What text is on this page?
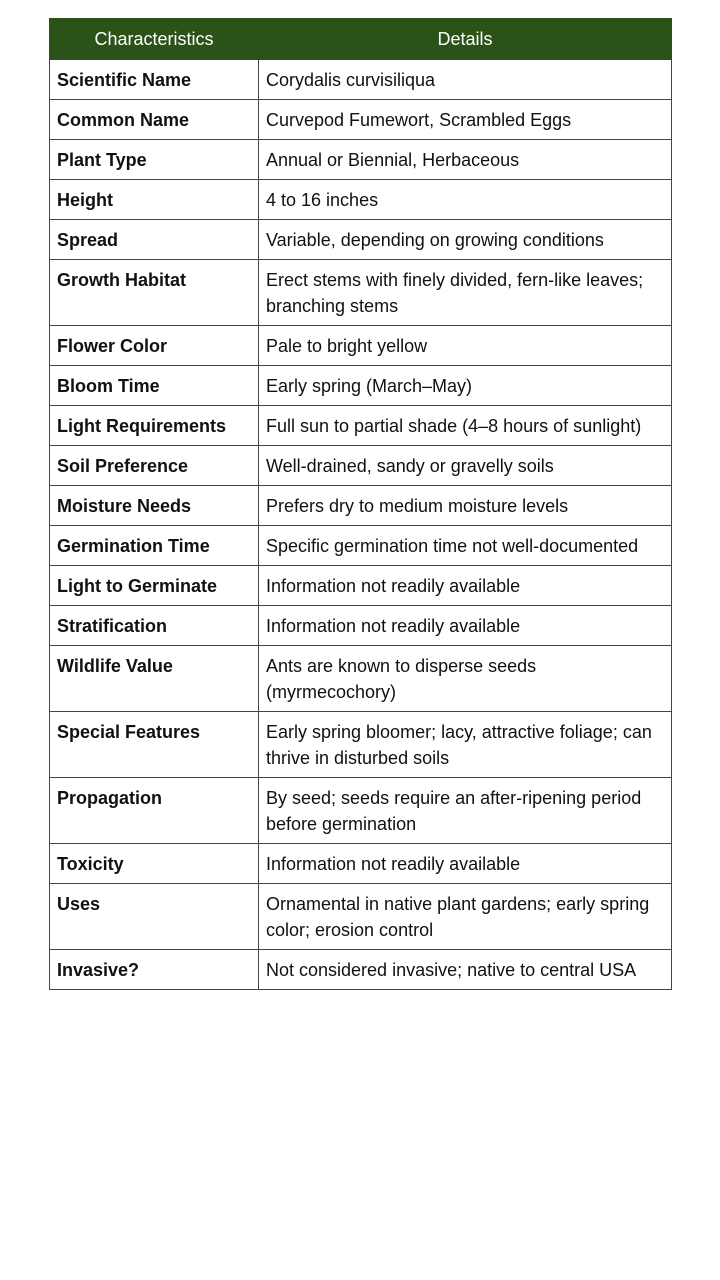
Characteristics	Details
Scientific Name	Corydalis curvisiliqua
Common Name	Curvepod Fumewort, Scrambled Eggs
Plant Type	Annual or Biennial, Herbaceous
Height	4 to 16 inches
Spread	Variable, depending on growing conditions
Growth Habitat	Erect stems with finely divided, fern-like leaves; branching stems
Flower Color	Pale to bright yellow
Bloom Time	Early spring (March–May)
Light Requirements	Full sun to partial shade (4–8 hours of sunlight)
Soil Preference	Well-drained, sandy or gravelly soils
Moisture Needs	Prefers dry to medium moisture levels
Germination Time	Specific germination time not well-documented
Light to Germinate	Information not readily available
Stratification	Information not readily available
Wildlife Value	Ants are known to disperse seeds (myrmecochory)
Special Features	Early spring bloomer; lacy, attractive foliage; can thrive in disturbed soils
Propagation	By seed; seeds require an after-ripening period before germination
Toxicity	Information not readily available
Uses	Ornamental in native plant gardens; early spring color; erosion control
Invasive?	Not considered invasive; native to central USA
